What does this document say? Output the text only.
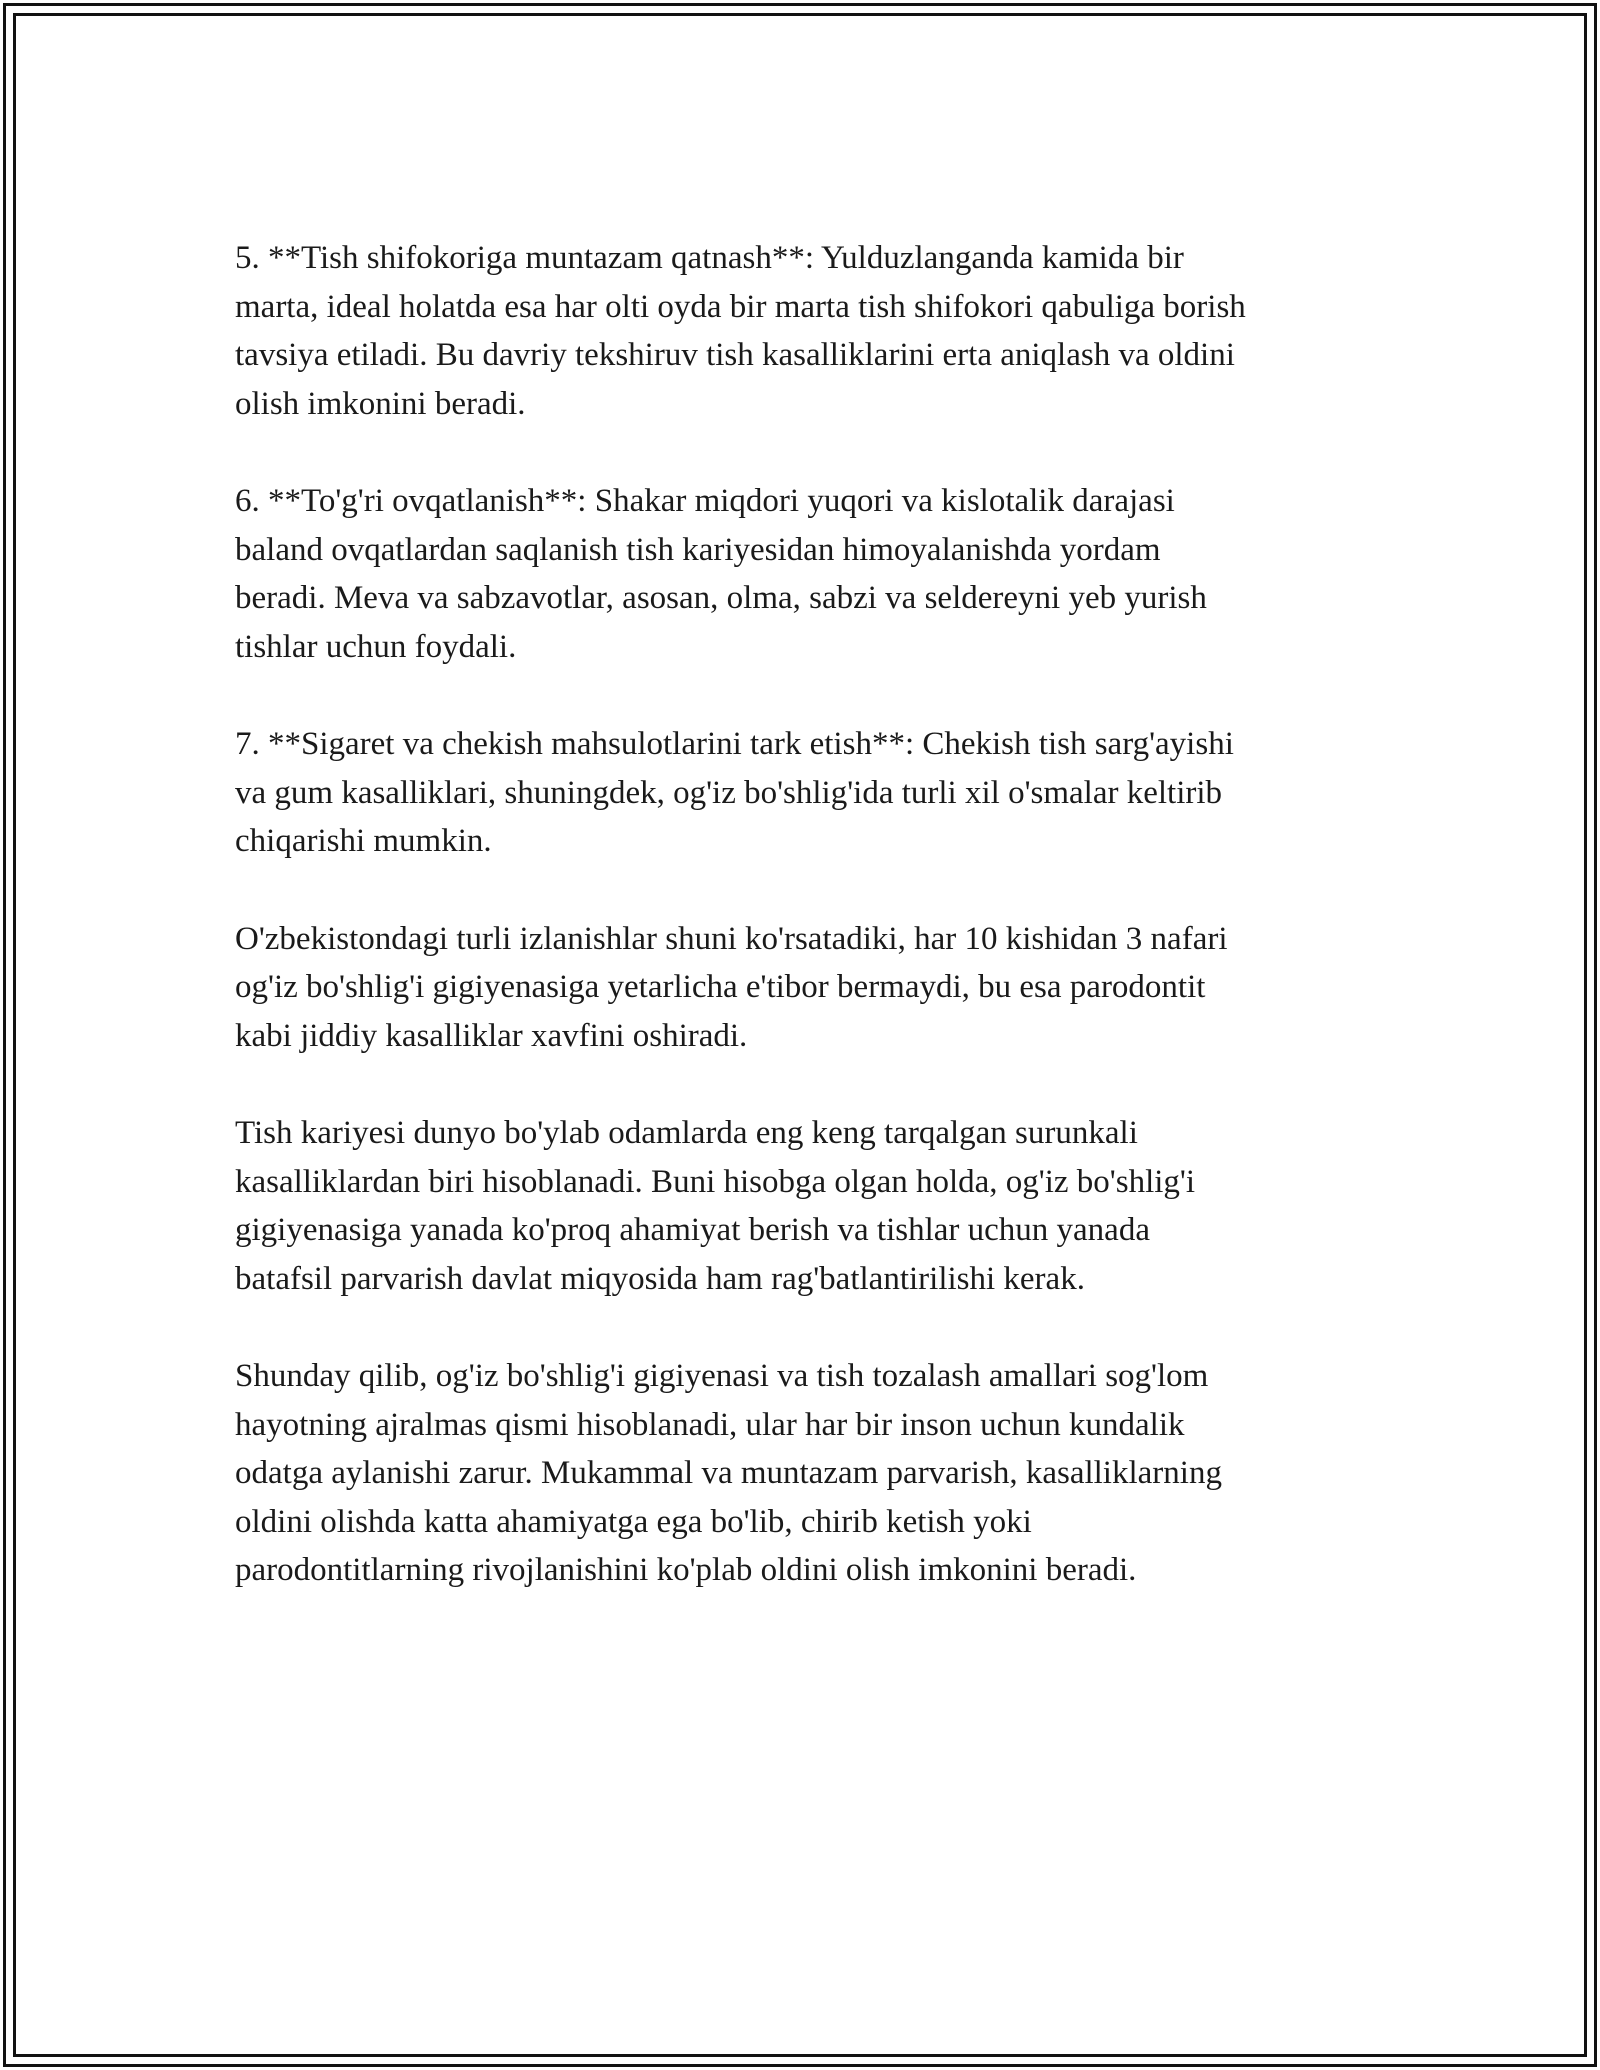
5. **Tish shifokoriga muntazam qatnash**: Yulduzlanganda kamida bir
marta, ideal holatda esa har olti oyda bir marta tish shifokori qabuliga borish
tavsiya etiladi. Bu davriy tekshiruv tish kasalliklarini erta aniqlash va oldini
olish imkonini beradi.
6. **To'g'ri ovqatlanish**: Shakar miqdori yuqori va kislotalik darajasi
baland ovqatlardan saqlanish tish kariyesidan himoyalanishda yordam
beradi. Meva va sabzavotlar, asosan, olma, sabzi va seldereyni yeb yurish
tishlar uchun foydali.
7. **Sigaret va chekish mahsulotlarini tark etish**: Chekish tish sarg'ayishi
va gum kasalliklari, shuningdek, og'iz bo'shlig'ida turli xil o'smalar keltirib
chiqarishi mumkin.
O'zbekistondagi turli izlanishlar shuni ko'rsatadiki, har 10 kishidan 3 nafari
og'iz bo'shlig'i gigiyenasiga yetarlicha e'tibor bermaydi, bu esa parodontit
kabi jiddiy kasalliklar xavfini oshiradi.
Tish kariyesi dunyo bo'ylab odamlarda eng keng tarqalgan surunkali
kasalliklardan biri hisoblanadi. Buni hisobga olgan holda, og'iz bo'shlig'i
gigiyenasiga yanada ko'proq ahamiyat berish va tishlar uchun yanada
batafsil parvarish davlat miqyosida ham rag'batlantirilishi kerak.
Shunday qilib, og'iz bo'shlig'i gigiyenasi va tish tozalash amallari sog'lom
hayotning ajralmas qismi hisoblanadi, ular har bir inson uchun kundalik
odatga aylanishi zarur. Mukammal va muntazam parvarish, kasalliklarning
oldini olishda katta ahamiyatga ega bo'lib, chirib ketish yoki
parodontitlarning rivojlanishini ko'plab oldini olish imkonini beradi.
